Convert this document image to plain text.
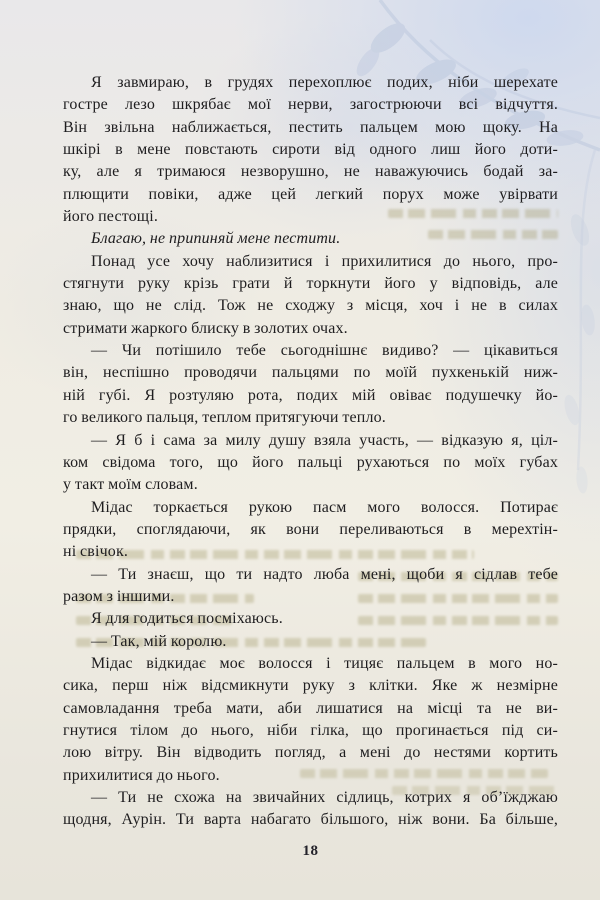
Я завмираю, в грудях перехоплює подих, ніби шерехате
гостре лезо шкрябає мої нерви, загострюючи всі відчуття.
Він звільна наближається, пестить пальцем мою щоку. На
шкірі в мене повстають сироти від одного лиш його доти-
ку, але я тримаюся незворушно, не наважуючись бодай за-
плющити повіки, адже цей легкий порух може увірвати
його пестощі.
Благаю, не припиняй мене пестити.
Понад усе хочу наблизитися і прихилитися до нього, про-
стягнути руку крізь грати й торкнути його у відповідь, але
знаю, що не слід. Тож не сходжу з місця, хоч і не в силах
стримати жаркого блиску в золотих очах.
— Чи потішило тебе сьогоднішнє видиво? — цікавиться
він, неспішно проводячи пальцями по моїй пухкенькій ниж-
ній губі. Я розтуляю рота, подих мій овіває подушечку йо-
го великого пальця, теплом притягуючи тепло.
— Я б і сама за милу душу взяла участь, — відказую я, ціл-
ком свідома того, що його пальці рухаються по моїх губах
у такт моїм словам.
Мідас торкається рукою пасм мого волосся. Потирає
прядки, споглядаючи, як вони переливаються в мерехтін-
ні свічок.
— Ти знаєш, що ти надто люба мені, щоби я сідлав тебе
разом з іншими.
Я для годиться посміхаюсь.
— Так, мій королю.
Мідас відкидає моє волосся і тицяє пальцем в мого но-
сика, перш ніж відсмикнути руку з клітки. Яке ж незмірне
самовладання треба мати, аби лишатися на місці та не ви-
гнутися тілом до нього, ніби гілка, що прогинається під си-
лою вітру. Він відводить погляд, а мені до нестями кортить
прихилитися до нього.
— Ти не схожа на звичайних сідлиць, котрих я об’їжджаю
щодня, Аурін. Ти варта набагато більшого, ніж вони. Ба більше,
18
